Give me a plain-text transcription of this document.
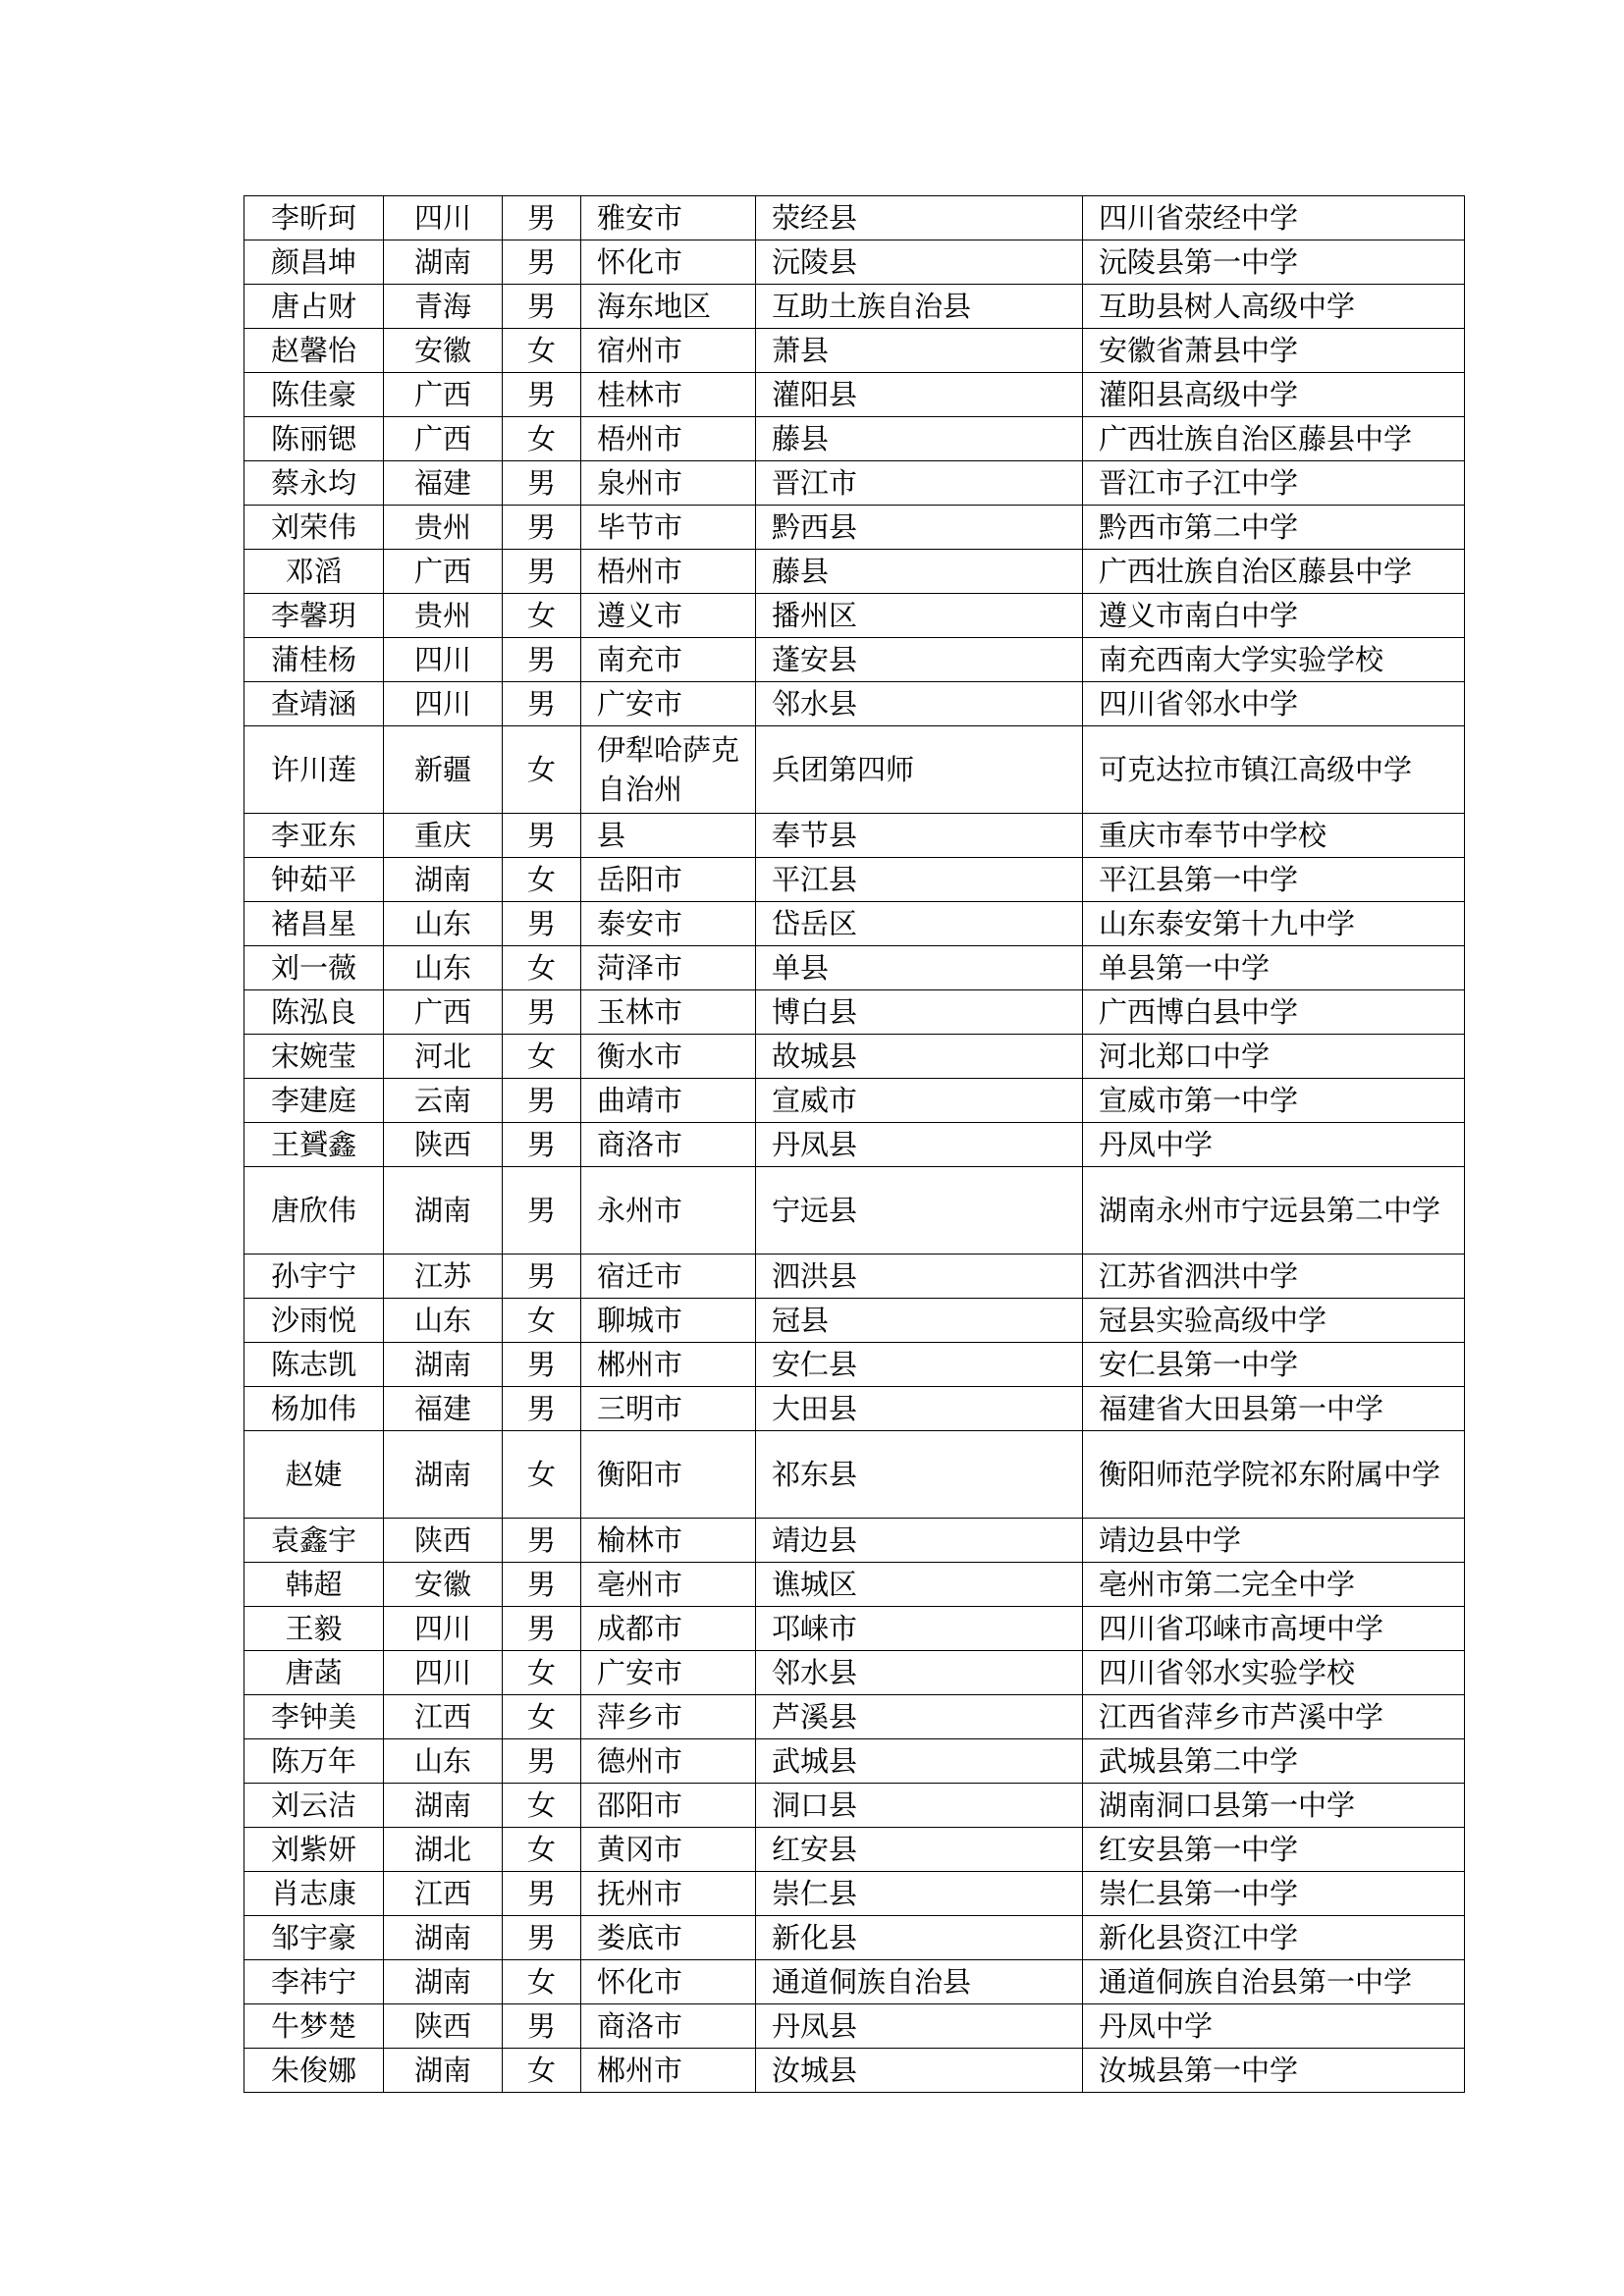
李昕珂	四川	男	雅安市	荥经县	四川省荥经中学
颜昌坤	湖南	男	怀化市	沅陵县	沅陵县第一中学
唐占财	青海	男	海东地区	互助土族自治县	互助县树人高级中学
赵馨怡	安徽	女	宿州市	萧县	安徽省萧县中学
陈佳豪	广西	男	桂林市	灌阳县	灌阳县高级中学
陈丽锶	广西	女	梧州市	藤县	广西壮族自治区藤县中学
蔡永均	福建	男	泉州市	晋江市	晋江市子江中学
刘荣伟	贵州	男	毕节市	黔西县	黔西市第二中学
邓滔	广西	男	梧州市	藤县	广西壮族自治区藤县中学
李馨玥	贵州	女	遵义市	播州区	遵义市南白中学
蒲桂杨	四川	男	南充市	蓬安县	南充西南大学实验学校
查靖涵	四川	男	广安市	邻水县	四川省邻水中学
许川莲	新疆	女	伊犁哈萨克自治州	兵团第四师	可克达拉市镇江高级中学
李亚东	重庆	男	县	奉节县	重庆市奉节中学校
钟茹平	湖南	女	岳阳市	平江县	平江县第一中学
褚昌星	山东	男	泰安市	岱岳区	山东泰安第十九中学
刘一薇	山东	女	菏泽市	单县	单县第一中学
陈泓良	广西	男	玉林市	博白县	广西博白县中学
宋婉莹	河北	女	衡水市	故城县	河北郑口中学
李建庭	云南	男	曲靖市	宣威市	宣威市第一中学
王贇鑫	陕西	男	商洛市	丹凤县	丹凤中学
唐欣伟	湖南	男	永州市	宁远县	湖南永州市宁远县第二中学
孙宇宁	江苏	男	宿迁市	泗洪县	江苏省泗洪中学
沙雨悦	山东	女	聊城市	冠县	冠县实验高级中学
陈志凯	湖南	男	郴州市	安仁县	安仁县第一中学
杨加伟	福建	男	三明市	大田县	福建省大田县第一中学
赵婕	湖南	女	衡阳市	祁东县	衡阳师范学院祁东附属中学
袁鑫宇	陕西	男	榆林市	靖边县	靖边县中学
韩超	安徽	男	亳州市	谯城区	亳州市第二完全中学
王毅	四川	男	成都市	邛崃市	四川省邛崃市高埂中学
唐菡	四川	女	广安市	邻水县	四川省邻水实验学校
李钟美	江西	女	萍乡市	芦溪县	江西省萍乡市芦溪中学
陈万年	山东	男	德州市	武城县	武城县第二中学
刘云洁	湖南	女	邵阳市	洞口县	湖南洞口县第一中学
刘紫妍	湖北	女	黄冈市	红安县	红安县第一中学
肖志康	江西	男	抚州市	崇仁县	崇仁县第一中学
邹宇豪	湖南	男	娄底市	新化县	新化县资江中学
李祎宁	湖南	女	怀化市	通道侗族自治县	通道侗族自治县第一中学
牛梦楚	陕西	男	商洛市	丹凤县	丹凤中学
朱俊娜	湖南	女	郴州市	汝城县	汝城县第一中学
